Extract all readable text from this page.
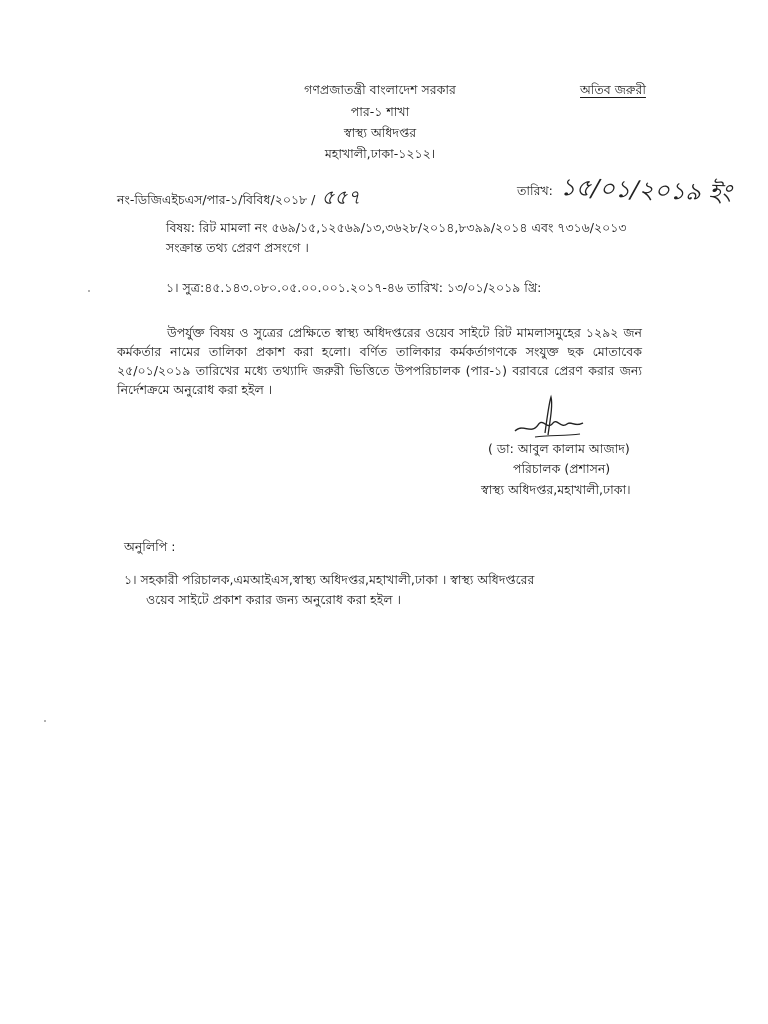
গণপ্রজাতন্ত্রী বাংলাদেশ সরকার
পার-১ শাখা
স্বাস্থ্য অধিদপ্তর
মহাখালী,ঢাকা-১২১২।
অতিব জরুরী
নং-ডিজিএইচএস/পার-১/বিবিধ/২০১৮ / ৫৫৭	তারিখ: ১৫/০১/২০১৯ ইং
বিষয়: রিট মামলা নং ৫৬৯/১৫,১২৫৬৯/১৩,৩৬২৮/২০১৪,৮৩৯৯/২০১৪ এবং ৭৩১৬/২০১৩
সংক্রান্ত তথ্য প্রেরণ প্রসংগে ।
১। সুত্র:৪৫.১৪৩.০৮০.০৫.০০.০০১.২০১৭-৪৬ তারিখ: ১৩/০১/২০১৯ খ্রি:
উপর্যুক্ত বিষয় ও সুত্রের প্রেক্ষিতে স্বাস্থ্য অধিদপ্তরের ওয়েব সাইটে রিট মামলাসমুহের ১২৯২ জন কর্মকর্তার নামের তালিকা প্রকাশ করা হলো। বর্ণিত তালিকার কর্মকর্তাগণকে সংযুক্ত ছক মোতাবেক ২৫/০১/২০১৯ তারিখের মধ্যে তথ্যাদি জরুরী ভিত্তিতে উপপরিচালক (পার-১) বরাবরে প্রেরণ করার জন্য নির্দেশক্রমে অনুরোধ করা হইল ।
( ডা: আবুল কালাম আজাদ)
পরিচালক (প্রশাসন)
স্বাস্থ্য অধিদপ্তর,মহাখালী,ঢাকা।
অনুলিপি :
১। সহকারী পরিচালক,এমআইএস,স্বাস্থ্য অধিদপ্তর,মহাখালী,ঢাকা । স্বাস্থ্য অধিদপ্তরের
ওয়েব সাইটে প্রকাশ করার জন্য অনুরোধ করা হইল ।
